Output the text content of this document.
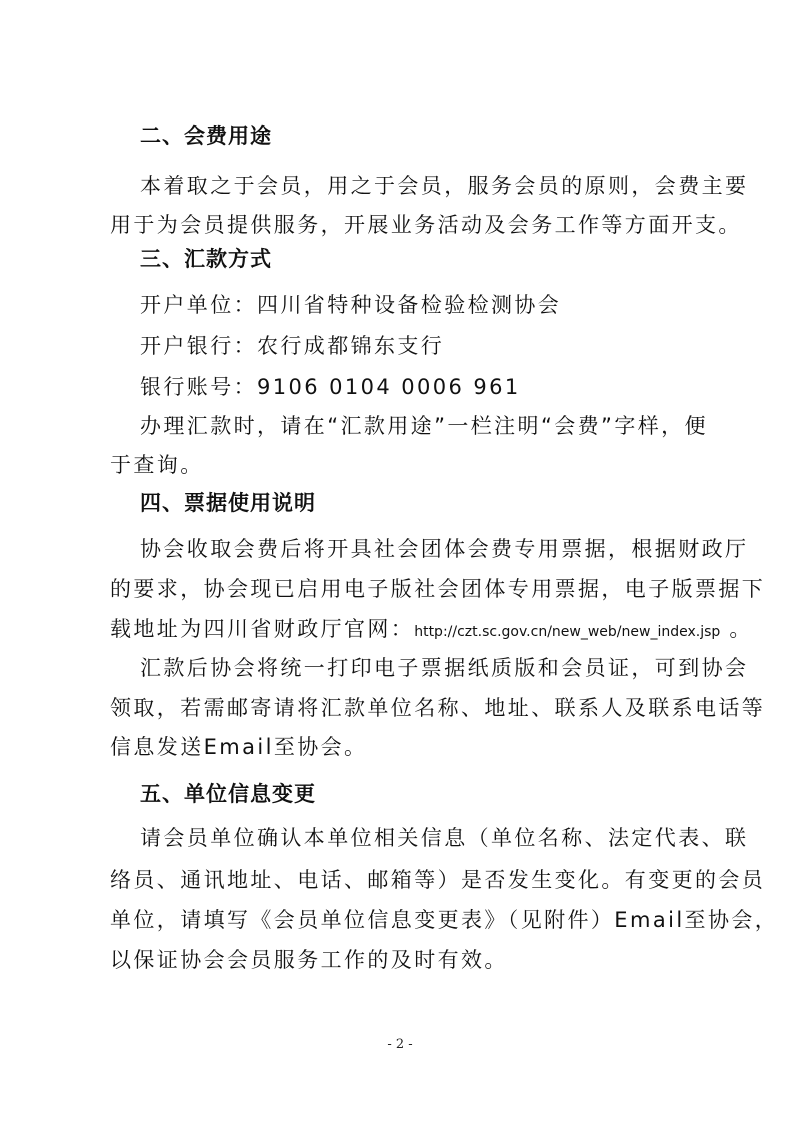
二、会费用途
本着取之于会员，用之于会员，服务会员的原则，会费主要
用于为会员提供服务，开展业务活动及会务工作等方面开支。
三、汇款方式
开户单位：四川省特种设备检验检测协会
开户银行：农行成都锦东支行
银行账号：9106 0104 0006 961
办理汇款时，请在“汇款用途”一栏注明“会费”字样，便
于查询。
四、票据使用说明
协会收取会费后将开具社会团体会费专用票据，根据财政厅
的要求，协会现已启用电子版社会团体专用票据，电子版票据下
载地址为四川省财政厅官网：http://czt.sc.gov.cn/new_web/new_index.jsp 。
汇款后协会将统一打印电子票据纸质版和会员证，可到协会
领取，若需邮寄请将汇款单位名称、地址、联系人及联系电话等
信息发送Email至协会。
五、单位信息变更
请会员单位确认本单位相关信息（单位名称、法定代表、联
络员、通讯地址、电话、邮箱等）是否发生变化。有变更的会员
单位，请填写《会员单位信息变更表》（见附件）Email至协会，
以保证协会会员服务工作的及时有效。
- 2 -
